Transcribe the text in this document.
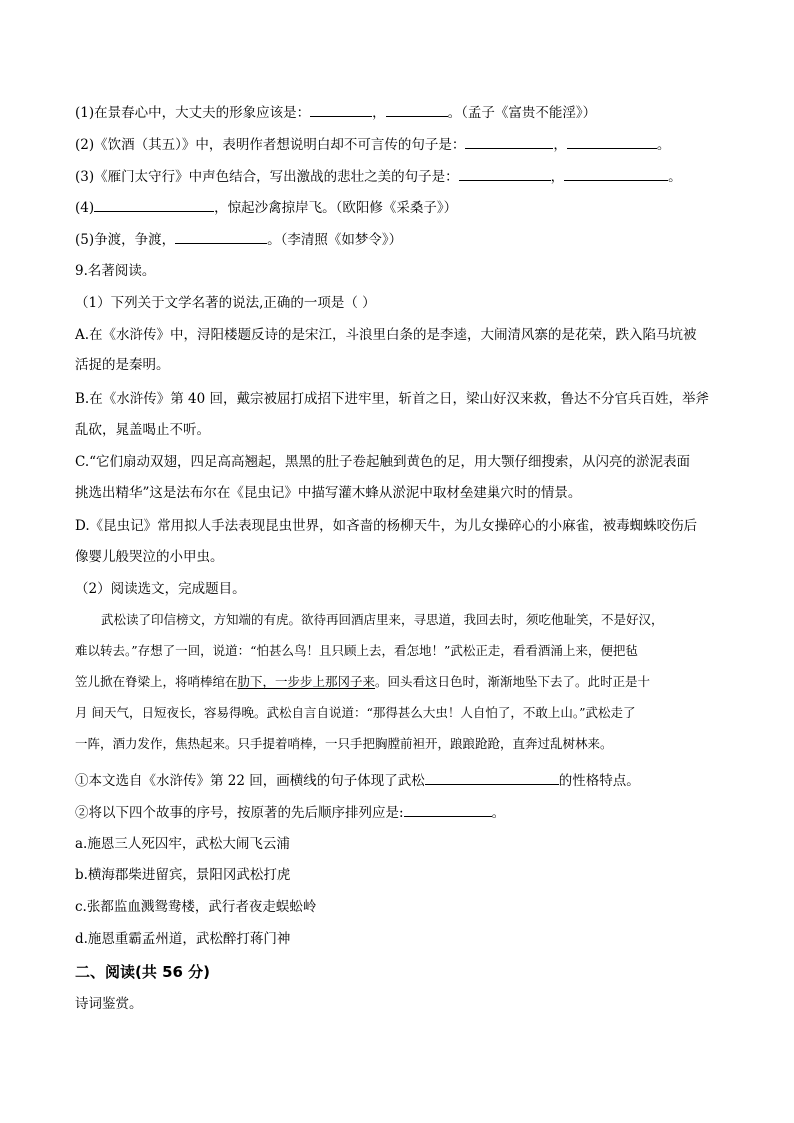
(1)在景春心中，大丈夫的形象应该是：	，	。（孟子《富贵不能淫》）
(2)《饮酒（其五）》中，表明作者想说明白却不可言传的句子是：	，	。
(3)《雁门太守行》中声色结合，写出激战的悲壮之美的句子是：	，	。
(4)	，惊起沙禽掠岸飞。（欧阳修《采桑子》）
(5)争渡，争渡，	。（李清照《如梦令》）
9.名著阅读。
（1）下列关于文学名著的说法,正确的一项是（ ）
A.在《水浒传》中，浔阳楼题反诗的是宋江，斗浪里白条的是李逵，大闹清风寨的是花荣，跌入陷马坑被
活捉的是秦明。
B.在《水浒传》第 40 回，戴宗被屈打成招下进牢里，斩首之日，梁山好汉来救，鲁达不分官兵百姓，举斧
乱砍，晁盖喝止不听。
C.“它们扇动双翅，四足高高翘起，黑黑的肚子卷起触到黄色的足，用大颚仔细搜索，从闪亮的淤泥表面
挑选出精华”这是法布尔在《昆虫记》中描写灌木蜂从淤泥中取材垒建巢穴时的情景。
D.《昆虫记》常用拟人手法表现昆虫世界，如吝啬的杨柳天牛，为儿女操碎心的小麻雀，被毒蜘蛛咬伤后
像婴儿般哭泣的小甲虫。
（2）阅读选文，完成题目。
武松读了印信榜文，方知端的有虎。欲待再回酒店里来，寻思道，我回去时，须吃他耻笑，不是好汉，
难以转去。”存想了一回，说道：“怕甚么鸟！且只顾上去，看怎地！”武松正走，看看酒涌上来，便把毡
笠儿掀在脊梁上，将哨棒绾在肋下，一步步上那冈子来。回头看这日色时，渐渐地坠下去了。此时正是十
月 间天气，日短夜长，容易得晚。武松自言自说道：“那得甚么大虫！人自怕了，不敢上山。”武松走了
一阵，酒力发作，焦热起来。只手提着哨棒，一只手把胸膛前袒开，踉踉跄跄，直奔过乱树林来。
①本文选自《水浒传》第 22 回，画横线的句子体现了武松	的性格特点。
②将以下四个故事的序号，按原著的先后顺序排列应是:	。
a.施恩三人死囚牢，武松大闹飞云浦
b.横海郡柴进留宾，景阳冈武松打虎
c.张都监血溅鸳鸯楼，武行者夜走蜈蚣岭
d.施恩重霸孟州道，武松醉打蒋门神
二、阅读(共 56 分)
诗词鉴赏。
